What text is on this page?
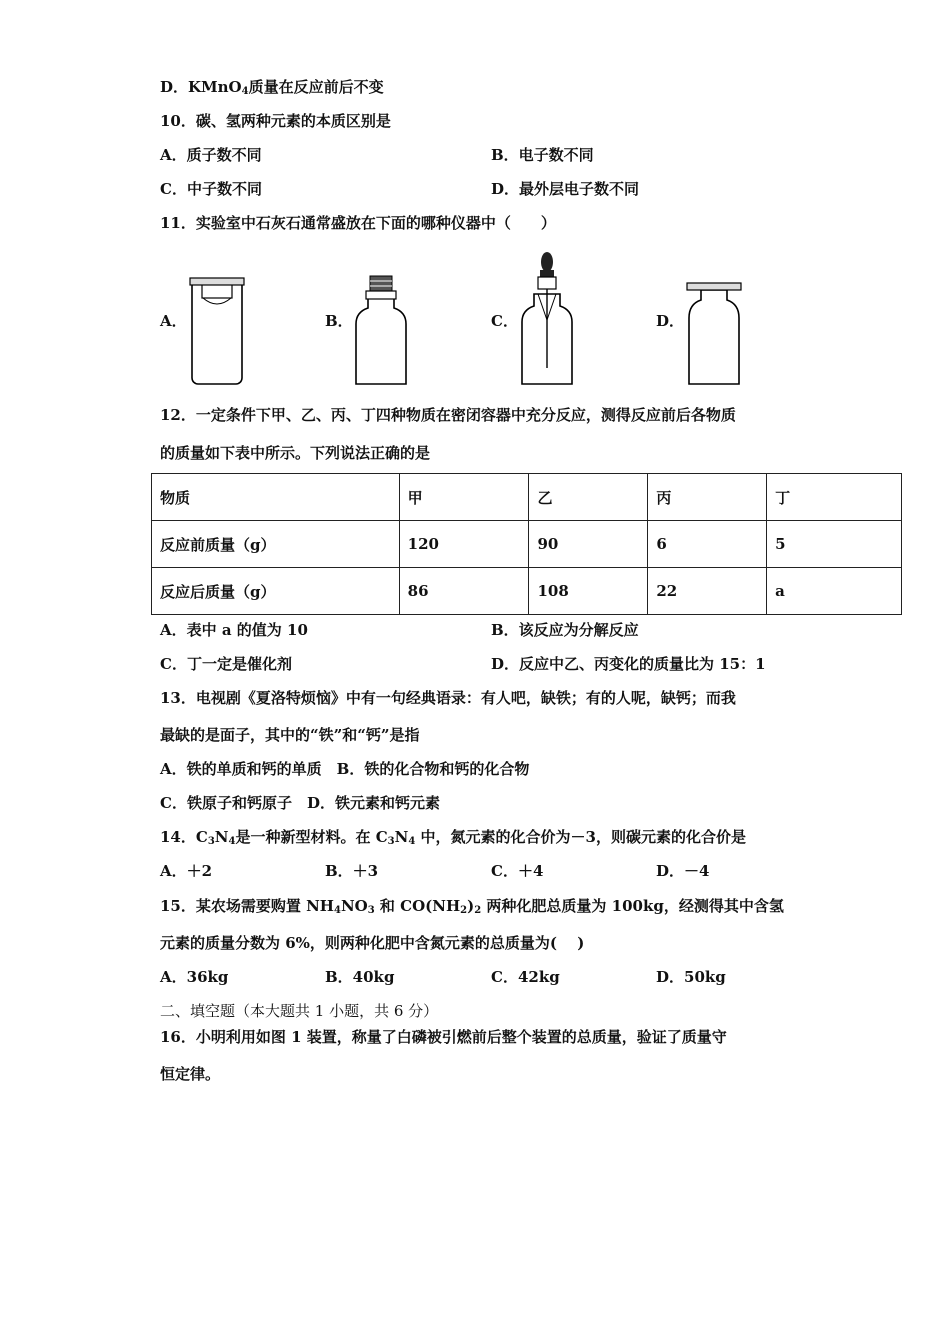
D．KMnO$_4$质量在反应前后不变
10．碳、氢两种元素的本质区别是
A．质子数不同	B．电子数不同
C．中子数不同	D．最外层电子数不同
11．实验室中石灰石通常盛放在下面的哪种仪器中（　　）
A．	B．	C．	D．
12．一定条件下甲、乙、丙、丁四种物质在密闭容器中充分反应，测得反应前后各物质
的质量如下表中所示。下列说法正确的是
物质	甲	乙	丙	丁
反应前质量（g）	120	90	6	5
反应后质量（g）	86	108	22	a
A．表中 a 的值为 10	B．该反应为分解反应
C．丁一定是催化剂	D．反应中乙、丙变化的质量比为 15：1
13．电视剧《夏洛特烦恼》中有一句经典语录：有人吧，缺铁；有的人呢，缺钙；而我
最缺的是面子，其中的“铁”和“钙”是指
A．铁的单质和钙的单质　B．铁的化合物和钙的化合物
C．铁原子和钙原子　D．铁元素和钙元素
14．$C_3N_4$是一种新型材料。在 $C_3N_4$ 中，氮元素的化合价为－3，则碳元素的化合价是
A．＋2	B．＋3	C．＋4	D．－4
15．某农场需要购置 $NH_4NO_3$ 和 $CO(NH_2)_2$ 两种化肥总质量为 100kg，经测得其中含氢
元素的质量分数为 6%，则两种化肥中含氮元素的总质量为(　 )
A．36kg	B．40kg	C．42kg	D．50kg
二、填空题（本大题共 1 小题，共 6 分）
16．小明利用如图 1 装置，称量了白磷被引燃前后整个装置的总质量，验证了质量守
恒定律。
